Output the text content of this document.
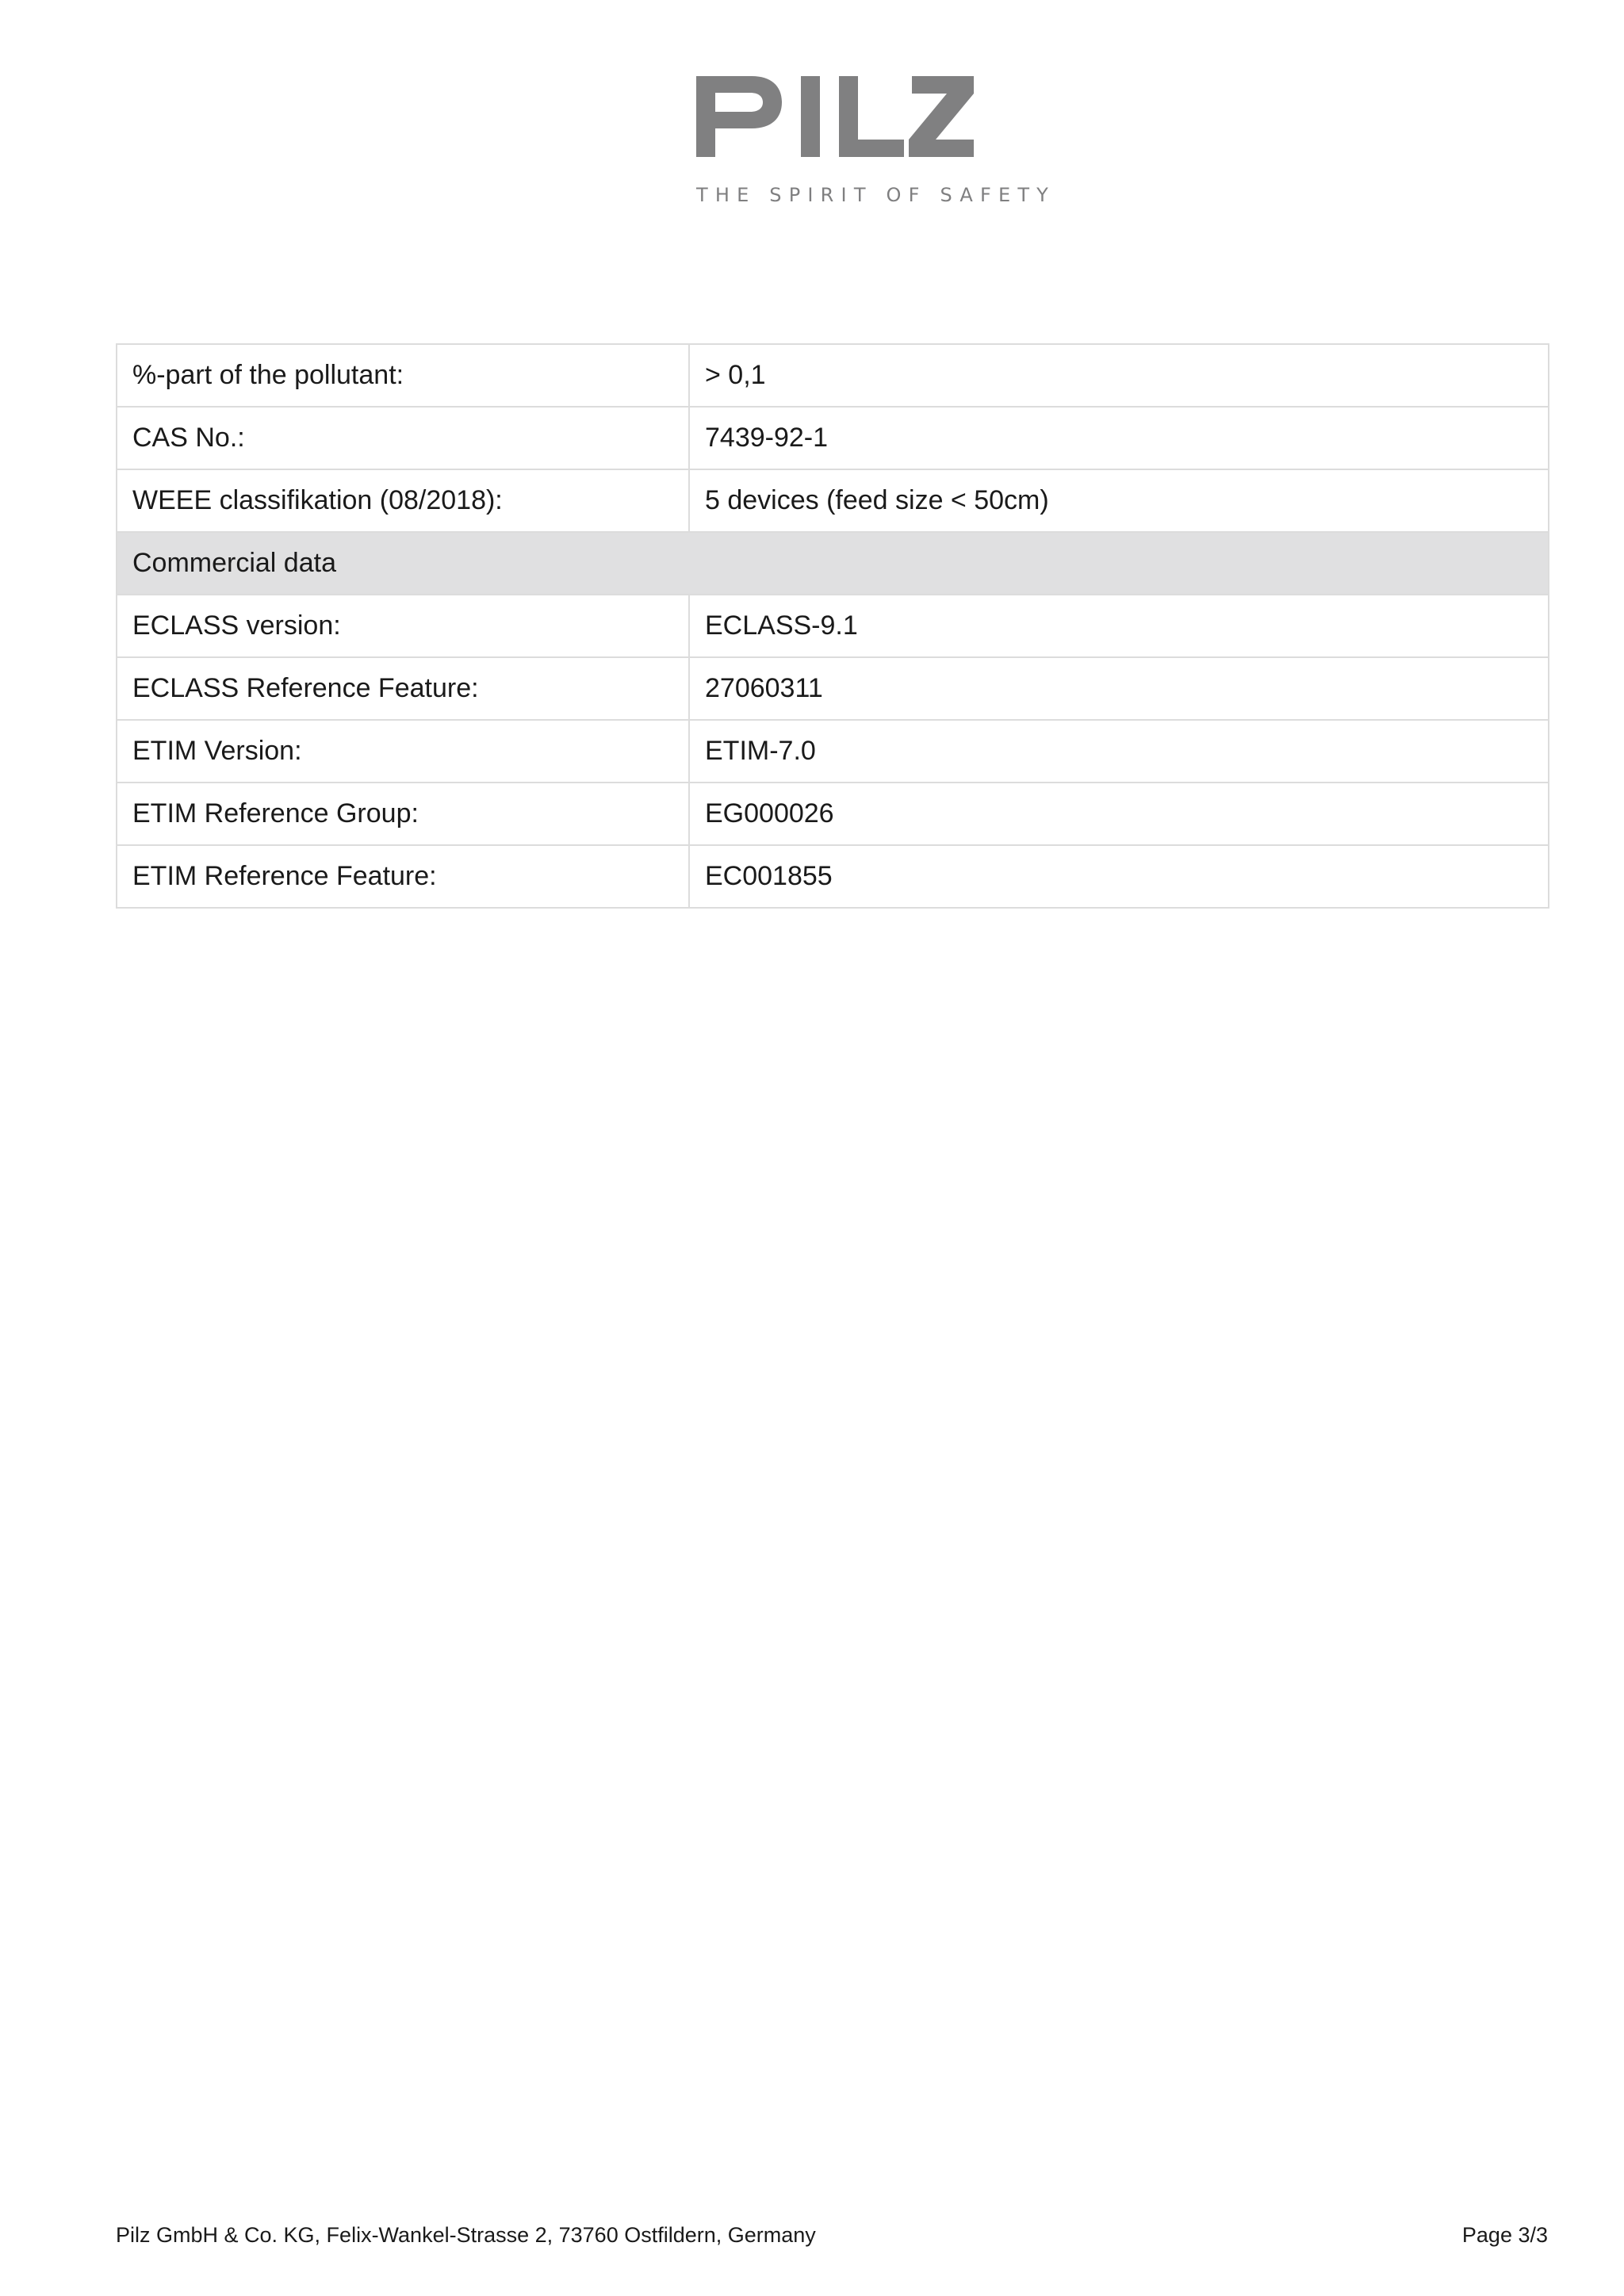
THE SPIRIT OF SAFETY
%-part of the pollutant:	> 0,1
CAS No.:	7439-92-1
WEEE classifikation (08/2018):	5 devices (feed size < 50cm)
Commercial data	
ECLASS version:	ECLASS-9.1
ECLASS Reference Feature:	27060311
ETIM Version:	ETIM-7.0
ETIM Reference Group:	EG000026
ETIM Reference Feature:	EC001855
Pilz GmbH & Co. KG, Felix-Wankel-Strasse 2, 73760 Ostfildern, Germany	Page 3/3
